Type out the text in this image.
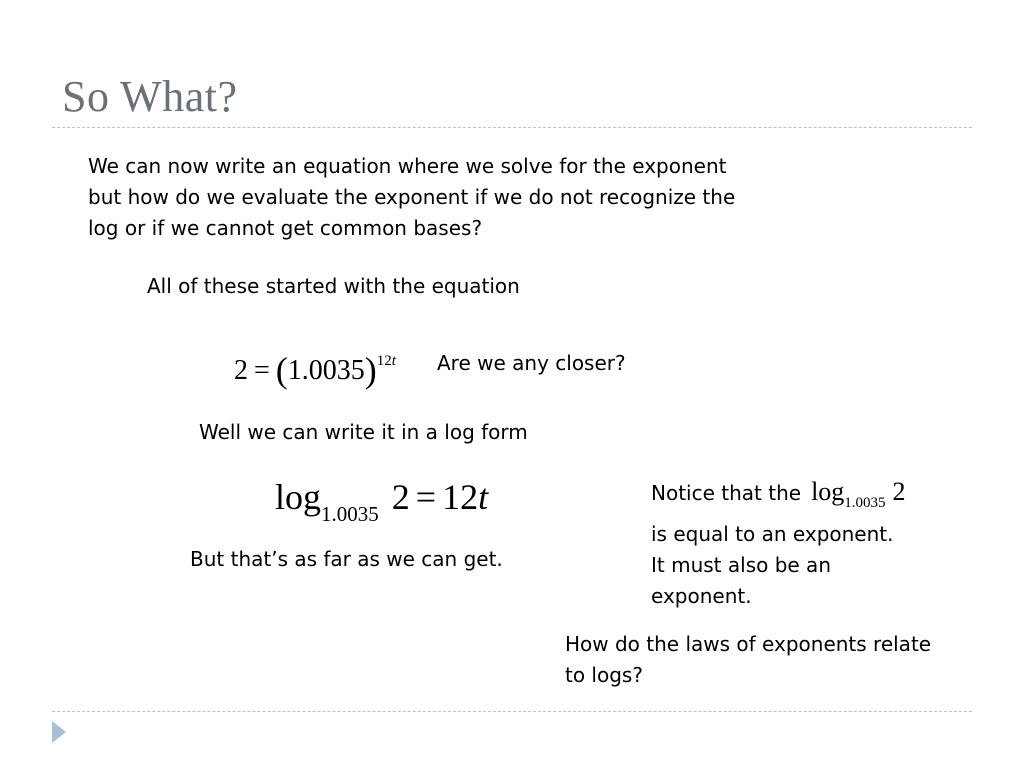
So What?
We can now write an equation where we solve for the exponent
but how do we evaluate the exponent if we do not recognize the
log or if we cannot get common bases?
All of these started with the equation
$2 = (1.0035)^{12t}$ Are we any closer?
Well we can write it in a log form
$\log_{1.0035} 2 = 12t$
But that’s as far as we can get.
Notice that the $\log_{1.0035} 2$
is equal to an exponent.
It must also be an
exponent.
How do the laws of exponents relate
to logs?
